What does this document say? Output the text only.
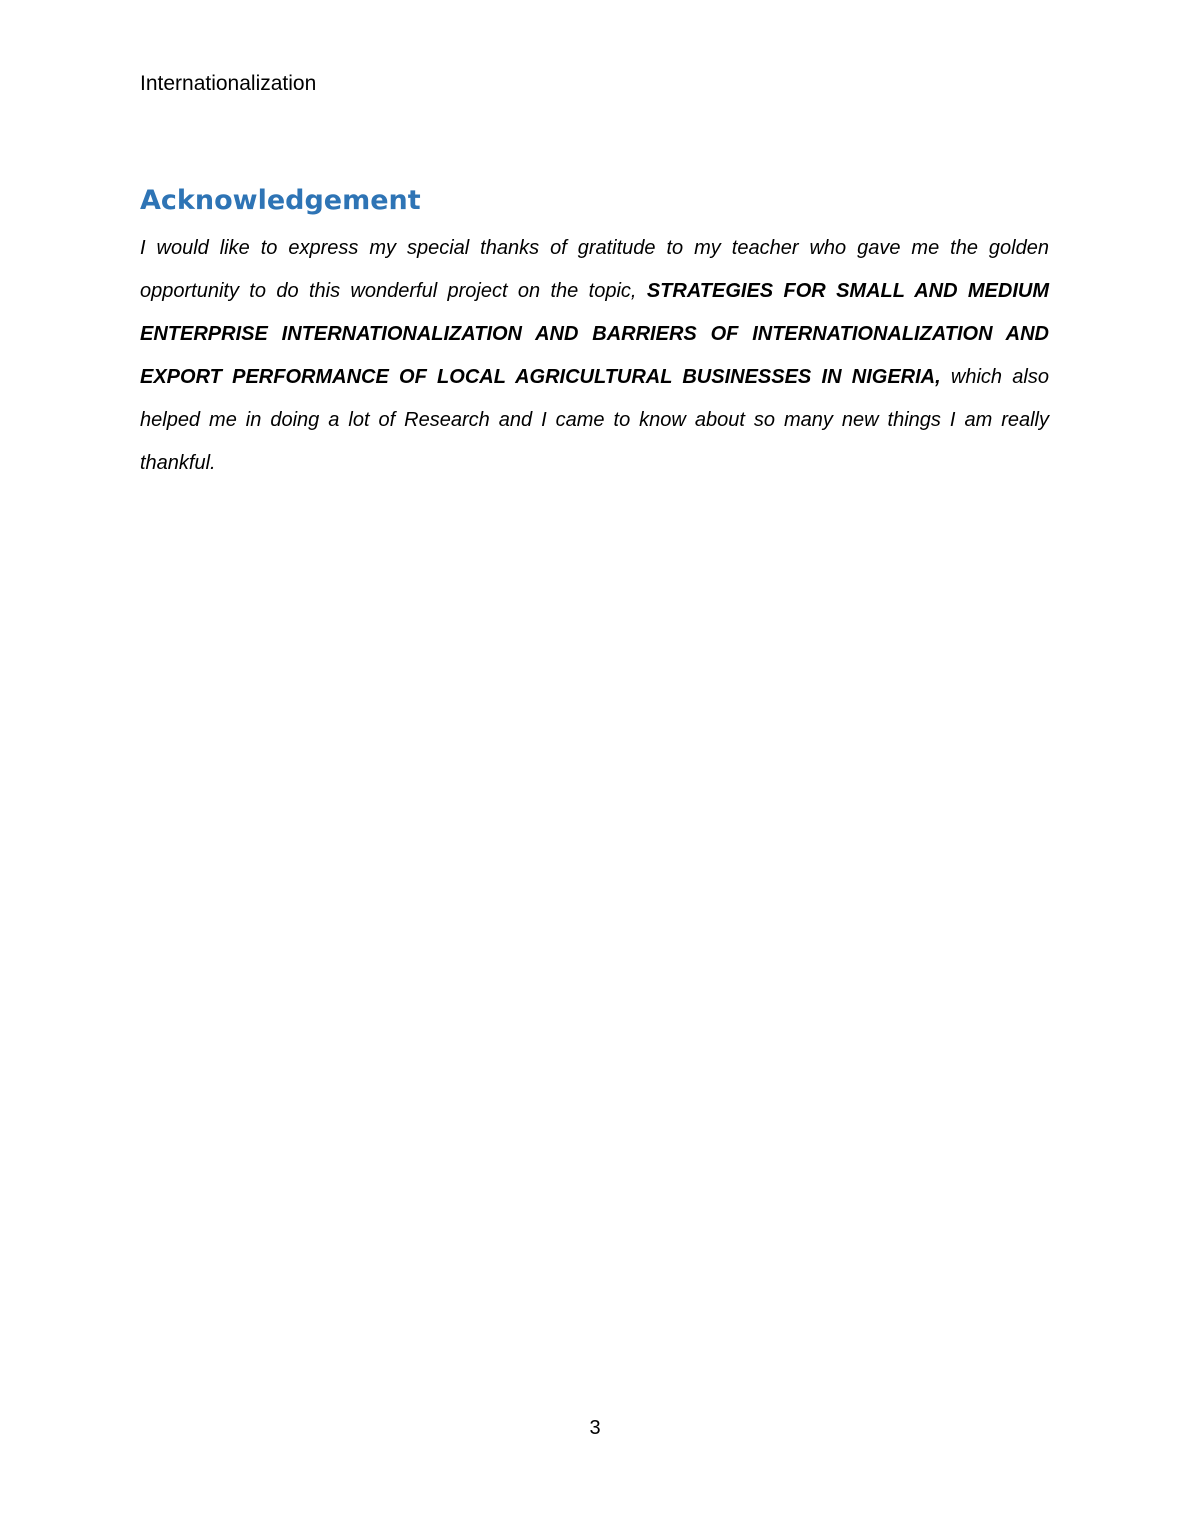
Internationalization
Acknowledgement

I would like to express my special thanks of gratitude to my teacher who gave me the golden opportunity to do this wonderful project on the topic, STRATEGIES FOR SMALL AND MEDIUM ENTERPRISE INTERNATIONALIZATION AND BARRIERS OF INTERNATIONALIZATION AND EXPORT PERFORMANCE OF LOCAL AGRICULTURAL BUSINESSES IN NIGERIA, which also helped me in doing a lot of Research and I came to know about so many new things I am really thankful.

3
